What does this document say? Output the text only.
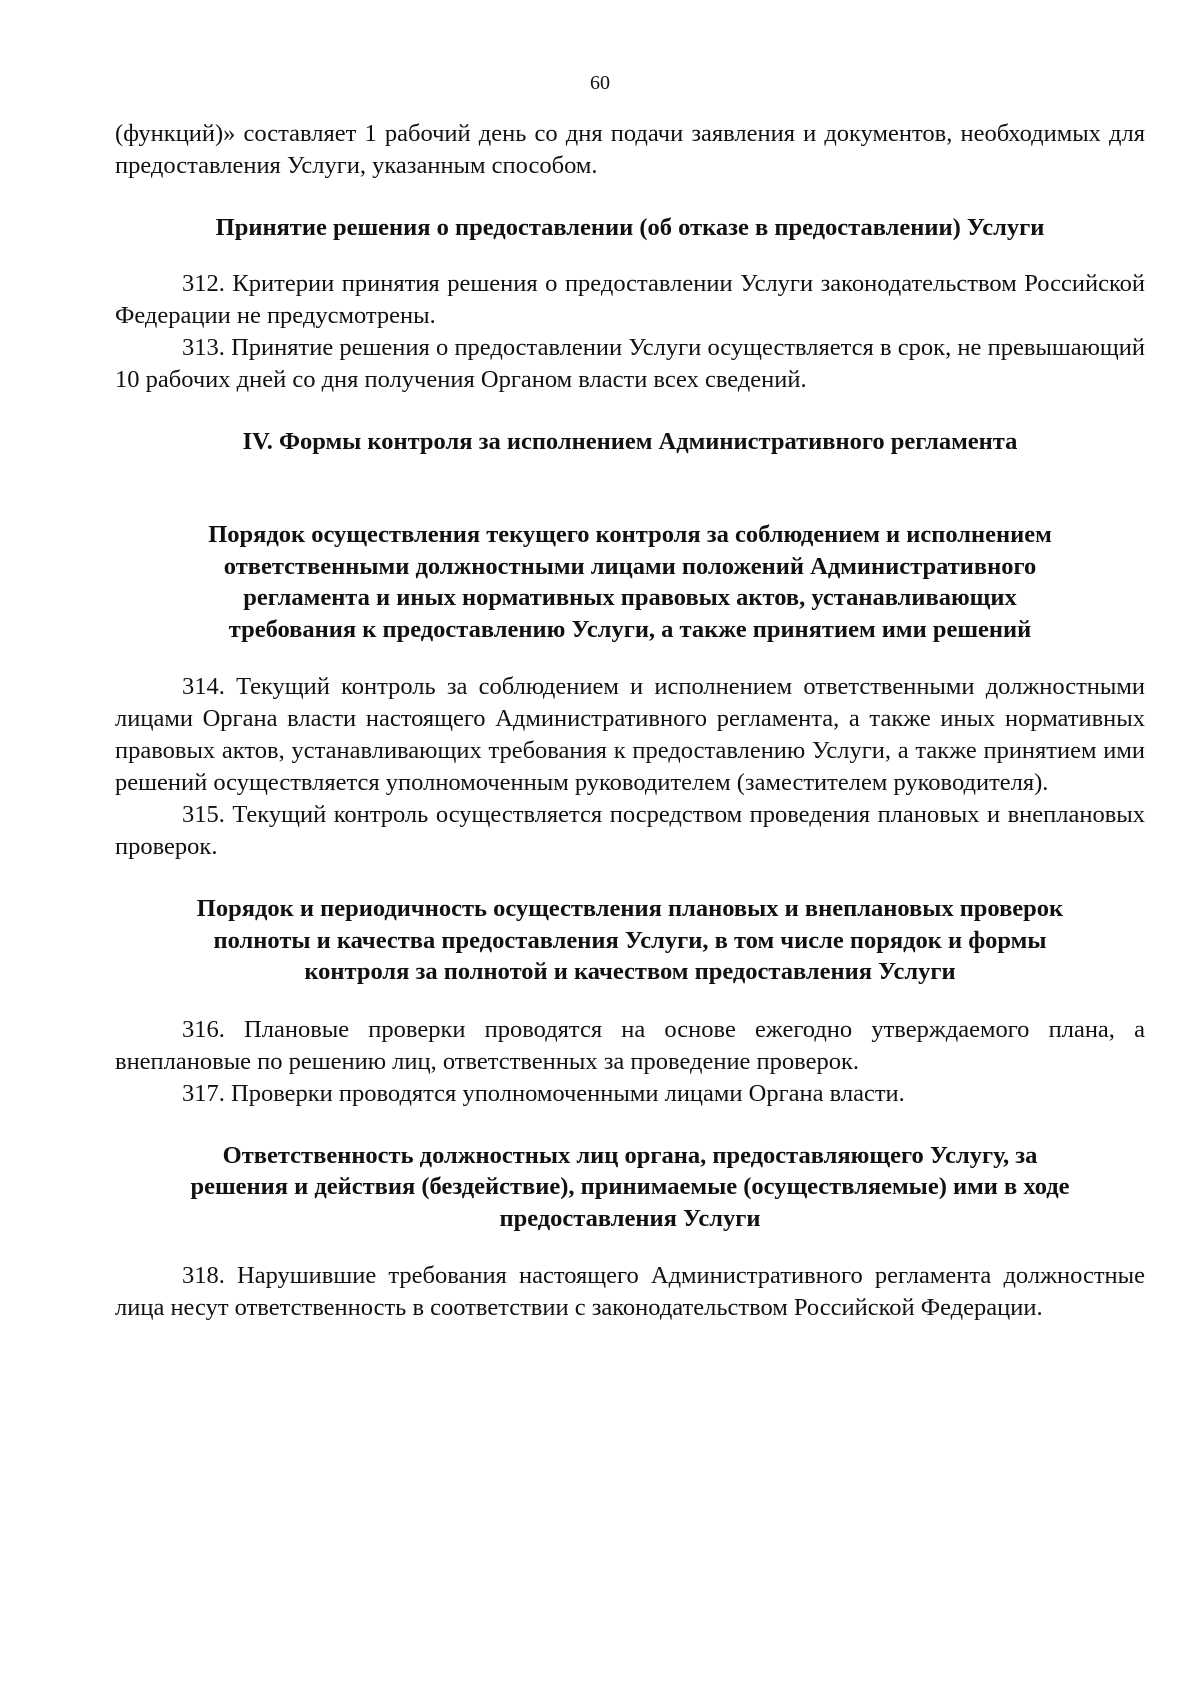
60

(функций)» составляет 1 рабочий день со дня подачи заявления и документов, необходимых для предоставления Услуги, указанным способом.

Принятие решения о предоставлении (об отказе в предоставлении) Услуги

312. Критерии принятия решения о предоставлении Услуги законодательством Российской Федерации не предусмотрены.

313. Принятие решения о предоставлении Услуги осуществляется в срок, не превышающий 10 рабочих дней со дня получения Органом власти всех сведений.

IV. Формы контроля за исполнением Административного регламента
Порядок осуществления текущего контроля за соблюдением и исполнением
ответственными должностными лицами положений Административного
регламента и иных нормативных правовых актов, устанавливающих
требования к предоставлению Услуги, а также принятием ими решений

314. Текущий контроль за соблюдением и исполнением ответственными должностными лицами Органа власти настоящего Административного регламента, а также иных нормативных правовых актов, устанавливающих требования к предоставлению Услуги, а также принятием ими решений осуществляется уполномоченным руководителем (заместителем руководителя).

315. Текущий контроль осуществляется посредством проведения плановых и внеплановых проверок.

Порядок и периодичность осуществления плановых и внеплановых проверок
полноты и качества предоставления Услуги, в том числе порядок и формы
контроля за полнотой и качеством предоставления Услуги

316. Плановые проверки проводятся на основе ежегодно утверждаемого плана, а внеплановые по решению лиц, ответственных за проведение проверок.

317. Проверки проводятся уполномоченными лицами Органа власти.

Ответственность должностных лиц органа, предоставляющего Услугу, за
решения и действия (бездействие), принимаемые (осуществляемые) ими в ходе
предоставления Услуги

318. Нарушившие требования настоящего Административного регламента должностные лица несут ответственность в соответствии с законодательством Российской Федерации.
